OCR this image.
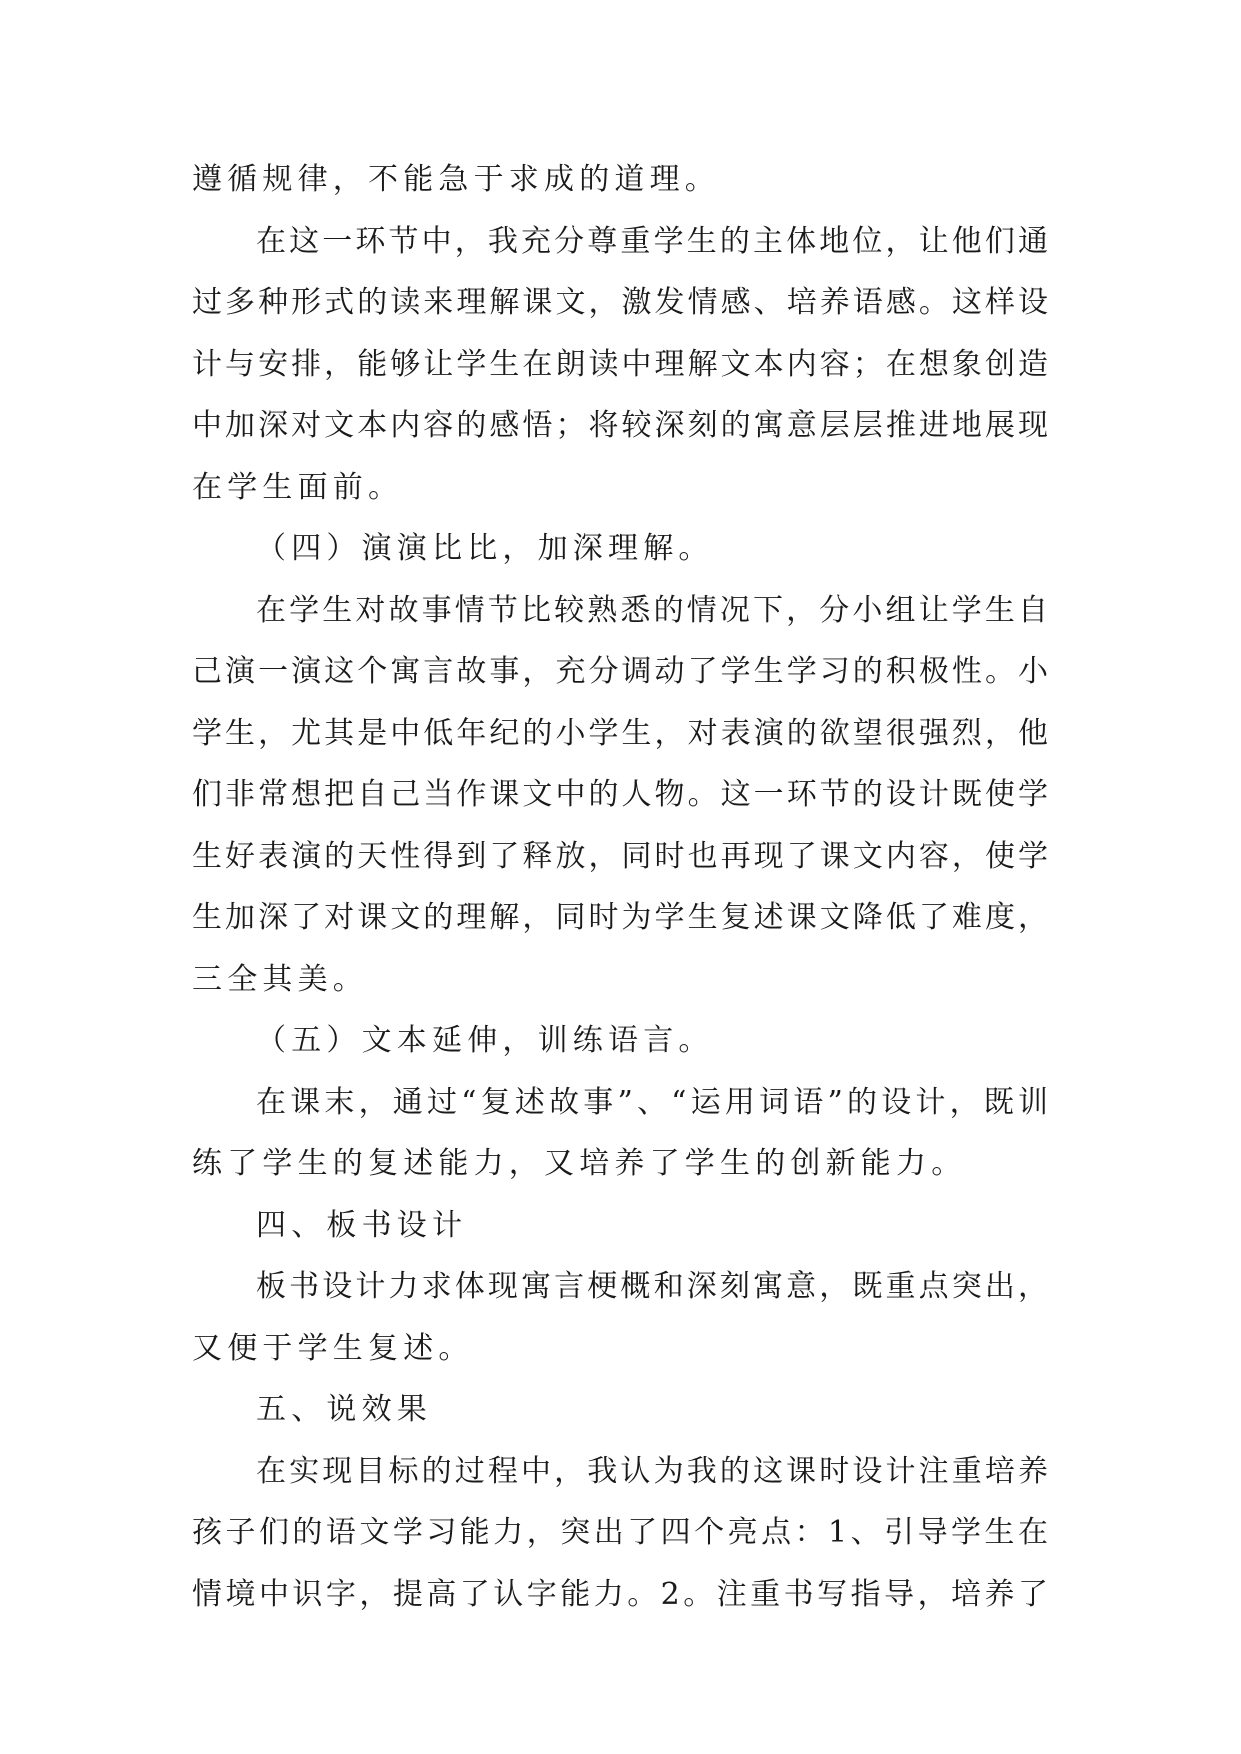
遵循规律，不能急于求成的道理。
在这一环节中，我充分尊重学生的主体地位，让他们通
过多种形式的读来理解课文，激发情感、培养语感。这样设
计与安排，能够让学生在朗读中理解文本内容；在想象创造
中加深对文本内容的感悟；将较深刻的寓意层层推进地展现
在学生面前。
（四）演演比比，加深理解。
在学生对故事情节比较熟悉的情况下，分小组让学生自
己演一演这个寓言故事，充分调动了学生学习的积极性。小
学生，尤其是中低年纪的小学生，对表演的欲望很强烈，他
们非常想把自己当作课文中的人物。这一环节的设计既使学
生好表演的天性得到了释放，同时也再现了课文内容，使学
生加深了对课文的理解，同时为学生复述课文降低了难度，
三全其美。
（五）文本延伸，训练语言。
在课末，通过“复述故事”、“运用词语”的设计，既训
练了学生的复述能力，又培养了学生的创新能力。
四、板书设计
板书设计力求体现寓言梗概和深刻寓意，既重点突出，
又便于学生复述。
五、说效果
在实现目标的过程中，我认为我的这课时设计注重培养
孩子们的语文学习能力，突出了四个亮点：1、引导学生在
情境中识字，提高了认字能力。2。注重书写指导，培养了
